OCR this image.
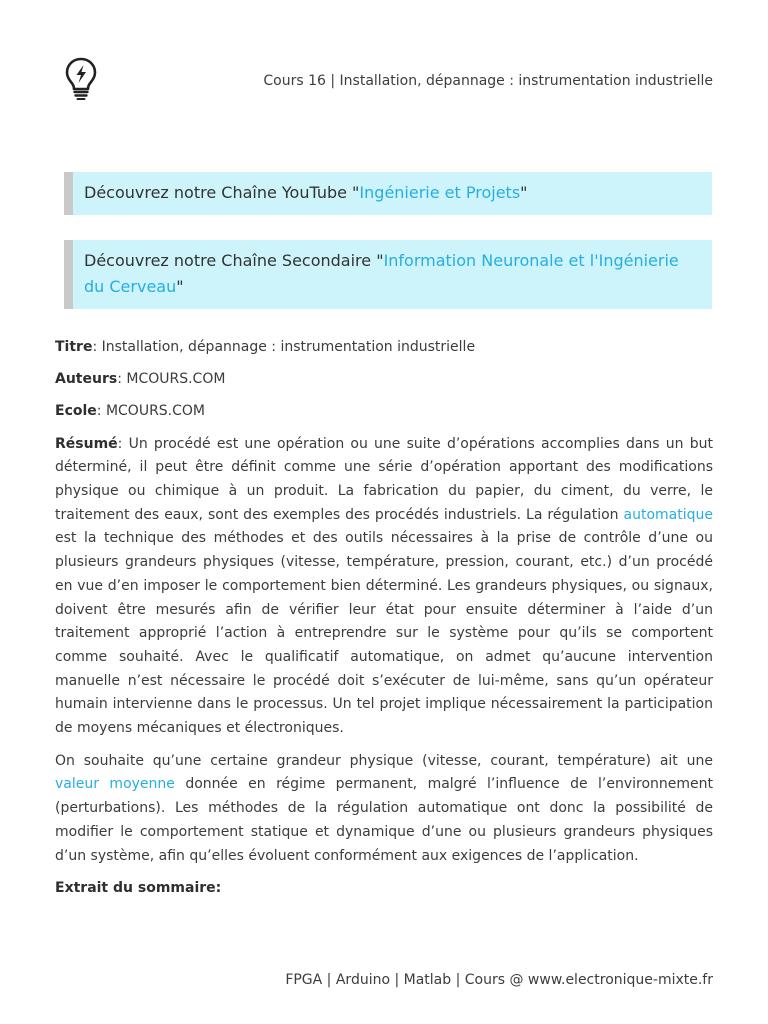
Cours 16 | Installation, dépannage : instrumentation industrielle
Découvrez notre Chaîne YouTube "Ingénierie et Projets"
Découvrez notre Chaîne Secondaire "Information Neuronale et l'Ingénierie du Cerveau"

Titre: Installation, dépannage : instrumentation industrielle

Auteurs: MCOURS.COM

Ecole: MCOURS.COM

Résumé: Un procédé est une opération ou une suite d’opérations accomplies dans un but déterminé, il peut être définit comme une série d’opération apportant des modifications physique ou chimique à un produit. La fabrication du papier, du ciment, du verre, le traitement des eaux, sont des exemples des procédés industriels. La régulation automatique est la technique des méthodes et des outils nécessaires à la prise de contrôle d’une ou plusieurs grandeurs physiques (vitesse, température, pression, courant, etc.) d’un procédé en vue d’en imposer le comportement bien déterminé. Les grandeurs physiques, ou signaux, doivent être mesurés afin de vérifier leur état pour ensuite déterminer à l’aide d’un traitement approprié l’action à entreprendre sur le système pour qu’ils se comportent comme souhaité. Avec le qualificatif automatique, on admet qu’aucune intervention manuelle n’est nécessaire le procédé doit s’exécuter de lui-même, sans qu’un opérateur humain intervienne dans le processus. Un tel projet implique nécessairement la participation de moyens mécaniques et électroniques.

On souhaite qu’une certaine grandeur physique (vitesse, courant, température) ait une valeur moyenne donnée en régime permanent, malgré l’influence de l’environnement (perturbations). Les méthodes de la régulation automatique ont donc la possibilité de modifier le comportement statique et dynamique d’une ou plusieurs grandeurs physiques d’un système, afin qu’elles évoluent conformément aux exigences de l’application.

Extrait du sommaire:

FPGA | Arduino | Matlab | Cours @ www.electronique-mixte.fr
